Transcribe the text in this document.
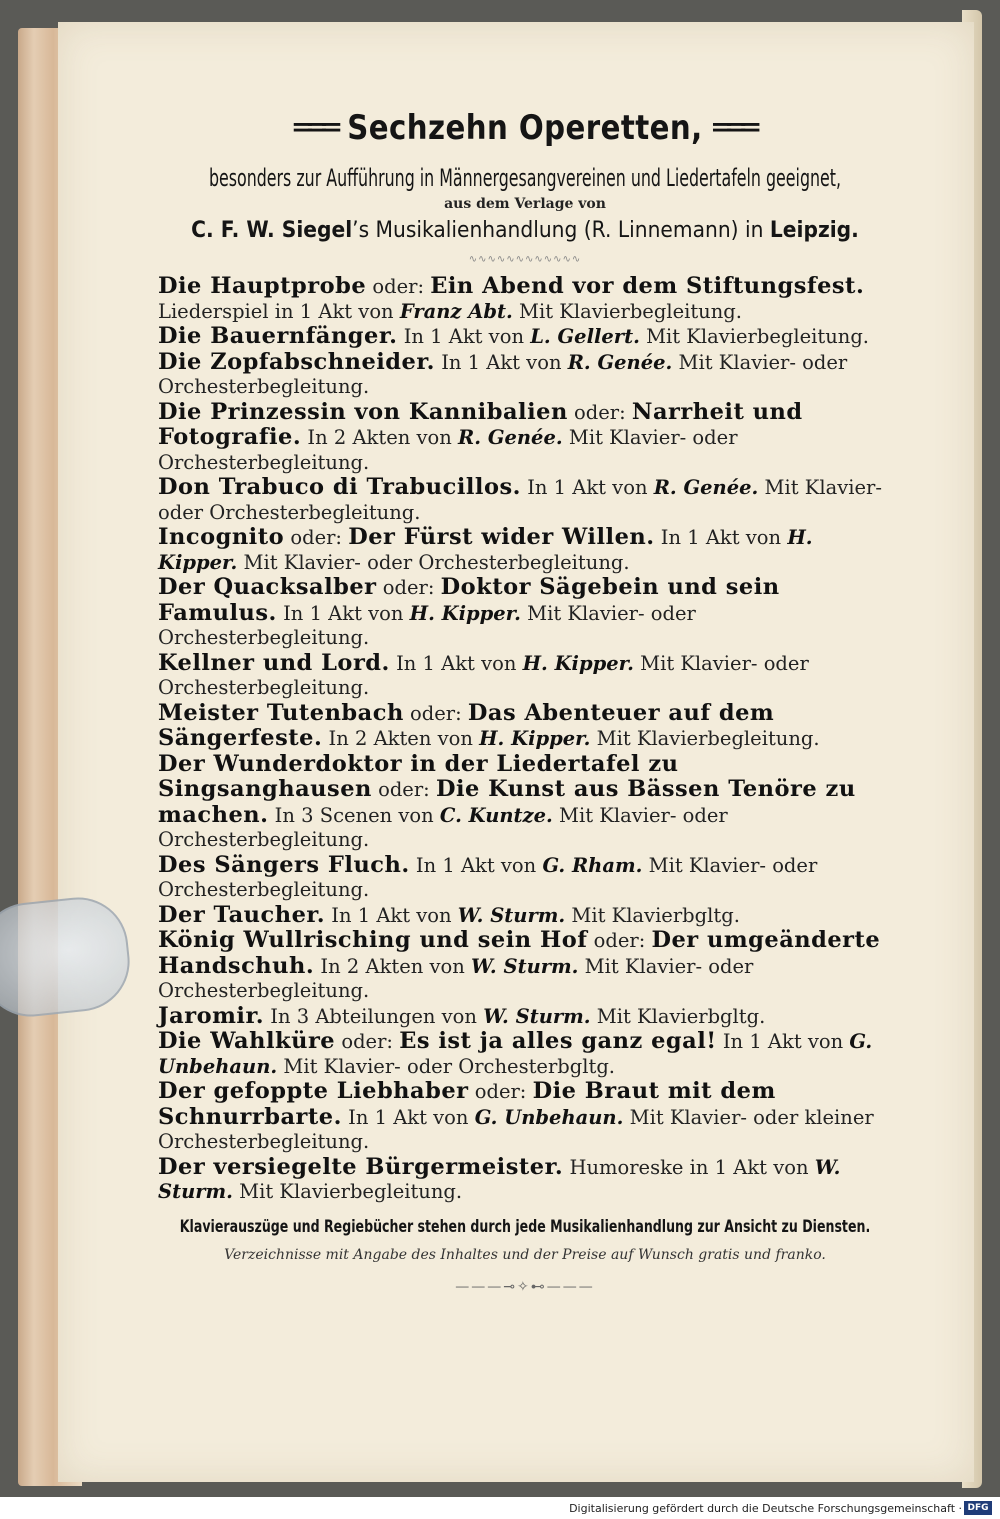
═══ Sechzehn Operetten, ═══
besonders zur Aufführung in Männergesangvereinen und Liedertafeln geeignet,
aus dem Verlage von
C. F. W. Siegel’s Musikalienhandlung (R. Linnemann) in Leipzig.
∿∿∿∿∿∿∿∿∿∿∿∿

Die Hauptprobe oder: Ein Abend vor dem Stiftungsfest. Liederspiel in 1 Akt von Franz Abt. Mit Klavierbegleitung.

Die Bauernfänger. In 1 Akt von L. Gellert. Mit Klavierbegleitung.

Die Zopfabschneider. In 1 Akt von R. Genée. Mit Klavier- oder Orchesterbegleitung.

Die Prinzessin von Kannibalien oder: Narrheit und Fotografie. In 2 Akten von R. Genée. Mit Klavier- oder Orchesterbegleitung.

Don Trabuco di Trabucillos. In 1 Akt von R. Genée. Mit Klavier- oder Orchesterbegleitung.

Incognito oder: Der Fürst wider Willen. In 1 Akt von H. Kipper. Mit Klavier- oder Orchesterbegleitung.

Der Quacksalber oder: Doktor Sägebein und sein Famulus. In 1 Akt von H. Kipper. Mit Klavier- oder Orchesterbegleitung.

Kellner und Lord. In 1 Akt von H. Kipper. Mit Klavier- oder Orchesterbegleitung.

Meister Tutenbach oder: Das Abenteuer auf dem Sängerfeste. In 2 Akten von H. Kipper. Mit Klavierbegleitung.

Der Wunderdoktor in der Liedertafel zu Singsanghausen oder: Die Kunst aus Bässen Tenöre zu machen. In 3 Scenen von C. Kuntze. Mit Klavier- oder Orchesterbegleitung.

Des Sängers Fluch. In 1 Akt von G. Rham. Mit Klavier- oder Orchesterbegleitung.

Der Taucher. In 1 Akt von W. Sturm. Mit Klavierbgltg.

König Wullrisching und sein Hof oder: Der umgeänderte Handschuh. In 2 Akten von W. Sturm. Mit Klavier- oder Orchesterbegleitung.

Jaromir. In 3 Abteilungen von W. Sturm. Mit Klavierbgltg.

Die Wahlküre oder: Es ist ja alles ganz egal! In 1 Akt von G. Unbehaun. Mit Klavier- oder Orchesterbgltg.

Der gefoppte Liebhaber oder: Die Braut mit dem Schnurrbarte. In 1 Akt von G. Unbehaun. Mit Klavier- oder kleiner Orchesterbegleitung.

Der versiegelte Bürgermeister. Humoreske in 1 Akt von W. Sturm. Mit Klavierbegleitung.

Klavierauszüge und Regiebücher stehen durch jede Musikalienhandlung zur Ansicht zu Diensten.
Verzeichnisse mit Angabe des Inhaltes und der Preise auf Wunsch gratis und franko.
———⊸✧⊷———
Digitalisierung gefördert durch die Deutsche Forschungsgemeinschaft · DFG
